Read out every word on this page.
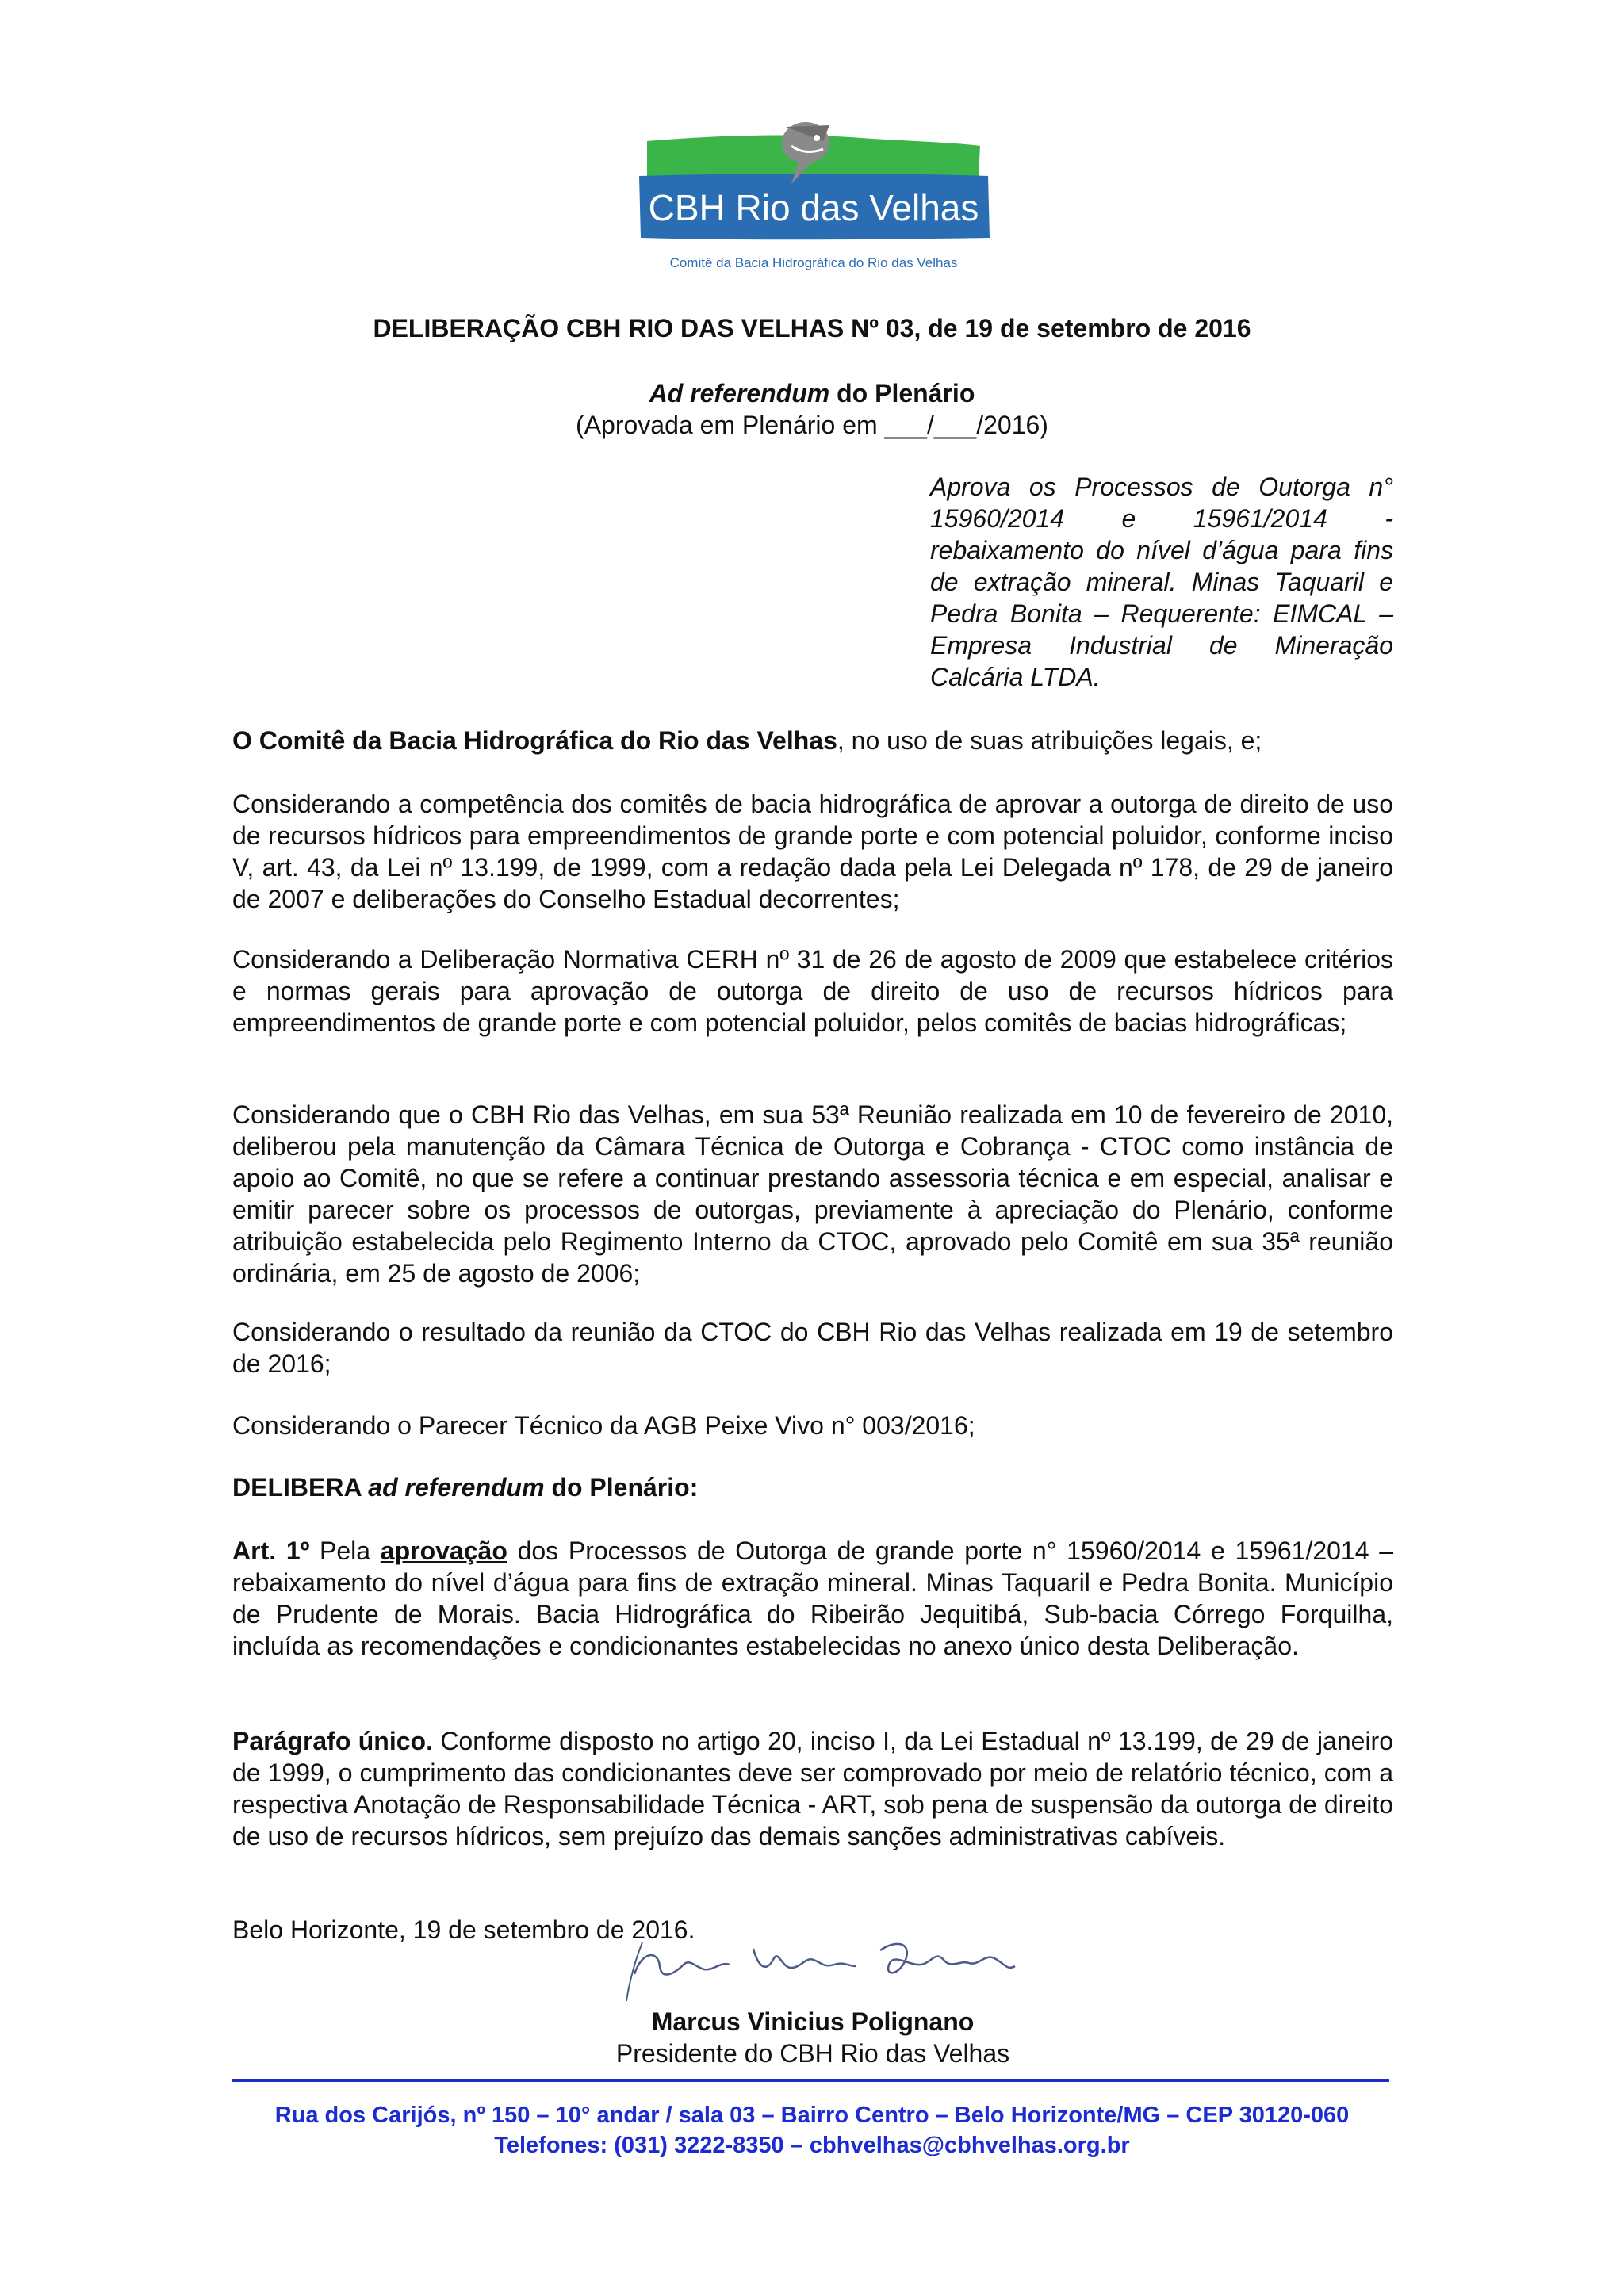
CBH Rio das Velhas
Comitê da Bacia Hidrográfica do Rio das Velhas
DELIBERAÇÃO CBH RIO DAS VELHAS Nº 03, de 19 de setembro de 2016
Ad referendum do Plenário
(Aprovada em Plenário em ___/___/2016)
Aprova os Processos de Outorga n° 15960/2014 e 15961/2014 - rebaixamento do nível d’água para fins de extração mineral. Minas Taquaril e Pedra Bonita – Requerente: EIMCAL – Empresa Industrial de Mineração Calcária LTDA.
O Comitê da Bacia Hidrográfica do Rio das Velhas, no uso de suas atribuições legais, e;
Considerando a competência dos comitês de bacia hidrográfica de aprovar a outorga de direito de uso de recursos hídricos para empreendimentos de grande porte e com potencial poluidor, conforme inciso V, art. 43, da Lei nº 13.199, de 1999, com a redação dada pela Lei Delegada nº 178, de 29 de janeiro de 2007 e deliberações do Conselho Estadual decorrentes;
Considerando a Deliberação Normativa CERH nº 31 de 26 de agosto de 2009 que estabelece critérios e normas gerais para aprovação de outorga de direito de uso de recursos hídricos para empreendimentos de grande porte e com potencial poluidor, pelos comitês de bacias hidrográficas;
Considerando que o CBH Rio das Velhas, em sua 53ª Reunião realizada em 10 de fevereiro de 2010, deliberou pela manutenção da Câmara Técnica de Outorga e Cobrança - CTOC como instância de apoio ao Comitê, no que se refere a continuar prestando assessoria técnica e em especial, analisar e emitir parecer sobre os processos de outorgas, previamente à apreciação do Plenário, conforme atribuição estabelecida pelo Regimento Interno da CTOC, aprovado pelo Comitê em sua 35ª reunião ordinária, em 25 de agosto de 2006;
Considerando o resultado da reunião da CTOC do CBH Rio das Velhas realizada em 19 de setembro de 2016;
Considerando o Parecer Técnico da AGB Peixe Vivo n° 003/2016;
DELIBERA ad referendum do Plenário:
Art. 1º Pela aprovação dos Processos de Outorga de grande porte n° 15960/2014 e 15961/2014 – rebaixamento do nível d’água para fins de extração mineral. Minas Taquaril e Pedra Bonita. Município de Prudente de Morais. Bacia Hidrográfica do Ribeirão Jequitibá, Sub-bacia Córrego Forquilha, incluída as recomendações e condicionantes estabelecidas no anexo único desta Deliberação.
Parágrafo único. Conforme disposto no artigo 20, inciso I, da Lei Estadual nº 13.199, de 29 de janeiro de 1999, o cumprimento das condicionantes deve ser comprovado por meio de relatório técnico, com a respectiva Anotação de Responsabilidade Técnica - ART, sob pena de suspensão da outorga de direito de uso de recursos hídricos, sem prejuízo das demais sanções administrativas cabíveis.
Belo Horizonte, 19 de setembro de 2016.
Marcus Vinicius Polignano
Presidente do CBH Rio das Velhas
Rua dos Carijós, nº 150 – 10° andar / sala 03 – Bairro Centro – Belo Horizonte/MG – CEP 30120-060
Telefones: (031) 3222-8350 – cbhvelhas@cbhvelhas.org.br
